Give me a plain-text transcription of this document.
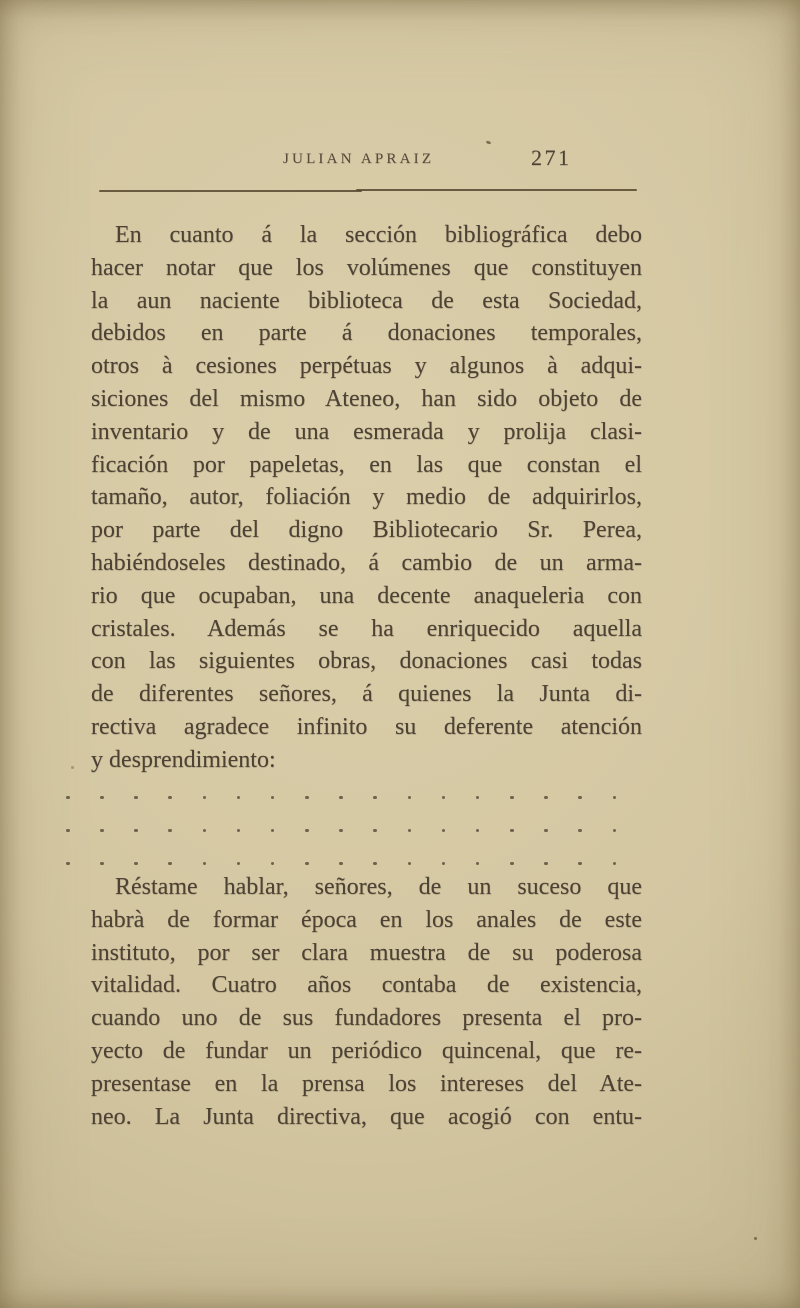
JULIAN APRAIZ	271
En cuanto á la sección bibliográfica debo
hacer notar que los volúmenes que constituyen
la aun naciente biblioteca de esta Sociedad,
debidos en parte á donaciones temporales,
otros à cesiones perpétuas y algunos à adqui-
siciones del mismo Ateneo, han sido objeto de
inventario y de una esmerada y prolija clasi-
ficación por papeletas, en las que constan el
tamaño, autor, foliación y medio de adquirirlos,
por parte del digno Bibliotecario Sr. Perea,
habiéndoseles destinado, á cambio de un arma-
rio que ocupaban, una decente anaqueleria con
cristales. Además se ha enriquecido aquella
con las siguientes obras, donaciones casi todas
de diferentes señores, á quienes la Junta di-
rectiva agradece infinito su deferente atención
y desprendimiento:
Réstame hablar, señores, de un suceso que
habrà de formar época en los anales de este
instituto, por ser clara muestra de su poderosa
vitalidad. Cuatro años contaba de existencia,
cuando uno de sus fundadores presenta el pro-
yecto de fundar un periódico quincenal, que re-
presentase en la prensa los intereses del Ate-
neo. La Junta directiva, que acogió con entu-
